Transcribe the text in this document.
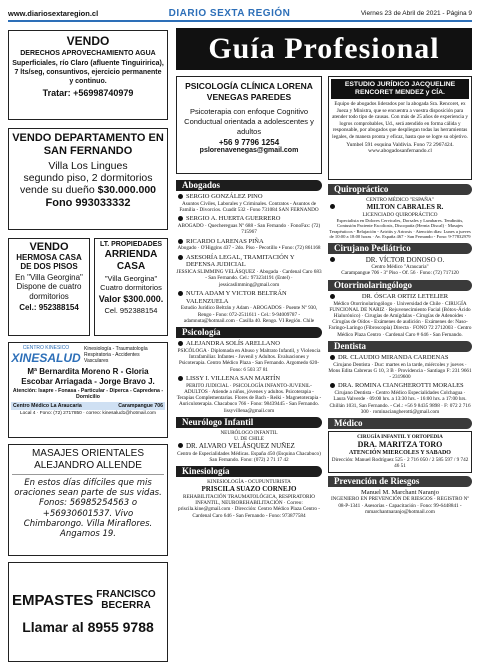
www.diariosextaregion.cl	DIARIO SEXTA REGIÓN	Viernes 23 de Abril de 2021 - Página 9
VENDO
DERECHOS APROVECHAMIENTO AGUA
Superficiales, río Claro (afluente Tinguiririca), 7 lts/seg, consuntivos, ejercicio permanente y continuo.
Tratar: +56998740979
VENDO DEPARTAMENTO EN SAN FERNANDO
Villa Los Lingues
segundo piso, 2 dormitorios
vende su dueño $30.000.000
Fono 993033332
VENDO
HERMOSA CASA DE DOS PISOS
En "Villa Georgina"
Dispone de cuatro dormitorios
Cel.: 952388154
LT. PROPIEDADES
ARRIENDA CASA
"Villa Georgina"
Cuatro dormitorios
Valor $300.000.
Cel. 952388154
CENTRO KINESICO
XINESALUD
Kinesiología - Traumatología Respiratoria - Accidentes Vasculares
Mª Bernardita Moreno R - Gloria Escobar Arriagada - Jorge Bravo J.
Atención: Isapre - Fonasa - Particular - Diperca - Capredena - Dornicilio
Centro Médico La Araucaria	Carampangue 706
Local 4 · Fono: (72) 2717850 · correo: kinesalud1@hotmail.com
MASAJES ORIENTALES ALEJANDRO ALLENDE
En estos días difíciles que mis oraciones sean parte de sus vidas. Fonos: 56985254563 o +56930601537. Vivo Chimbarongo. Villa Miraflores. Angamos 19.
EMPASTES FRANCISCO BECERRA
Llamar al 8955 9788
Guía Profesional
PSICOLOGÍA CLÍNICA LORENA VENEGAS PAREDES
Psicoterapia con enfoque Cognitivo Conductual orientada a adolescentes y adultos
+56 9 7796 1254
pslorenavenegas@gmail.com
Abogados
SERGIO GONZÁLEZ PINO
Asuntos Civiles, Laborales y Criminales. Contratos - Asuntos de Familia - Divorcios. Cuadit 532 - Fono 731084 SAN FERNANDO
SERGIO A. HUERTA GUERRERO
ABOGADO · Quechereguas Nº 688 - San Fernando · FonoFax: (72) 715967
RICARDO LARENAS PIÑA
Abogado · O'Higgins 437 - 2do. Piso - Pecotillo • Fono: (72) 861168
ASESORÍA LEGAL, TRAMITACIÓN Y DEFENSA JUDICIAL
JESSICA SLIMMING VELÁSQUEZ · Abogada · Cardenal Caro 683 - San Fernando. Cel.: 973234191 (Entel) · jessicaslimming@gmail.com
NUTA ADAM Y VICTOR BELTRÁN VALENZUELA
Estudio Jurídico Beltrán y Adam · ABOGADOS · Puente Nº 930, Rengo - Fono: 072-2511611 - Cel.: 9-94009787 - adamnuta@hotmail.com · Casilla 40. Rengo. VI Región. Chile
Psicología
ALEJANDRA SOLÍS ARELLANO
PSICÓLOGA · Diplomada en Abuso y Maltrato Infantil, y Violencia Intrafamiliar. Infantes - Juvenil y Adultos. Evaluaciones y Psicoterapia. Centro Médico Plaza - San Fernando. Argomedo 620- Fono: 6 503 37 81
LISSY I. VILLENA SAN MARTÍN
PERITO JUDICIAL · PSICOLOGÍA INFANTO-JUVENIL-ADULTOS · Atiende a niños, jóvenes y adultos. Psicoterapia - Terapias Complementarias. Flores de Bach - Reiki - Magnetoterapia - Auriculoterapia. Chacabuco 766 - Fono: 98439445 - San Fernando. lissyvillena@gmail.com
Neurólogo Infantil
NEURÓLOGO INFANTIL
U. DE CHILE
DR. ALVARO VELÁSQUEZ NUÑEZ
Centro de Especialidades Médicas. España 450 (Esquina Chacabuco) San Fernando. Fono: (072) 2 71 17 42
Kinesiología
KINESIOLOGÍA - OCUPUNTURISTA
PRISCILA SUAZO CORNEJO
REHABILITACIÓN TRAUMATOLÓGICA, RESPIRATORIO INFANTIL, NEUROREHABILITACIÓN · Correo: priscila.kine@gmail.com · Dirección: Centro Médico Plaza Centro - Cardenal Caro 646 - San Fernando - Fono: 973877584
ESTUDIO JURÍDICO JACQUELINE RENCORET MENDEZ y CÍA.
Equipo de abogados liderados por la abogada Sra. Rencoret, ex Jueza y Ministra, que se encuentra a vuestra disposición para atender todo tipo de causas. Con más de 25 años de experiencia y logros comprobables, Ud., será atendido en forma cálida y responsable, por abogados que despliegan todas las herramientas legales, de manera pronta y eficaz, hasta que se logre su objetivo.
Yumbel 591 esquina Valdivia. Fono 72 2967424.
www.abogadosanfernando.cl
Quiropráctico
CENTRO MÉDICO "ESPAÑA"
MILTON CABRALES R.
LICENCIADO QUIROPRÁCTICO
Especialista en Dolores Cervicales, Dorsales y Lumbares. Tendinitis, Contusión Paciente Escoliosis, Discopatía (Hernia Discal) · Masajes Terapéuticos - Relajación - Artritis y Artrosis · Atención días: Lunes a jueves de 10:00 a 18:00 horas · Av. España 467 - San Fernando - Fono: 9-77832979
Cirujano Pediátrico
DR. VÍCTOR DONOSO O.
Centro Médico "Araucaria"
Carampangue 706 - 3º Piso - Of. 56 · Fono: (72) 717120
Otorrinolaringólogo
DR. ÓSCAR ORTIZ LETELIER
Médico Otorrinolaringólogo · Universidad de Chile · CIRUGÍA FUNCIONAL DE NARIZ · Rejuvenecimiento Facial (Bótox-Ácido Hialurónico) · Cirugías de Amígdalas - Cirugías de Adenoides · Cirugías de Oídos - Exámenes de audición · Exámenes de: Naso-Faringo-Laringo (Fibroscopía) Directa · FONO 72 2712003 · Centro Médico Plaza Centro · Cardenal Caro # 646 - San Fernando.
Dentista
DR. CLAUDIO MIRANDA CARDENAS
Cirujano Dentista · Duc: martes en la tarde, miércoles y jueves · Mons Edita Cabreras G 10, 3 B · Providencia - Santiago F: 231 9661 - 2319600
DRA. ROMINA CIANGHEROTTI MORALES
Cirujano Dentista - Centro Médico Especialidades Colchagua · Laura Valverde · 09:00 hrs. a 13:30 hrs. - 16:00 hrs. a 17:00 hrs. Chillán 1031, San Fernando. - Cel.: +56 9 8435 9898 · F: 072 2 716 300 · rominaciangherotti@gmail.com
Médico
CIRUGÍA INFANTIL Y ORTOPEDIA
DRA. MARITZA TORO
ATENCIÓN MIERCOLES Y SABADO
Dirección: Manuel Rodríguez 525 · 2 716 050 / 2 585 597 / 9 742 46 51
Prevención de Riesgos
Manuel M. Marchant Naranjo
INGENIERO EN PREVENCIÓN DE RIESGOS · REGISTRO Nº 08-P-1341 · Asesorías - Capacitación · Fono: 99-6448841 - mmarchantnaranjo@hotmail.com
